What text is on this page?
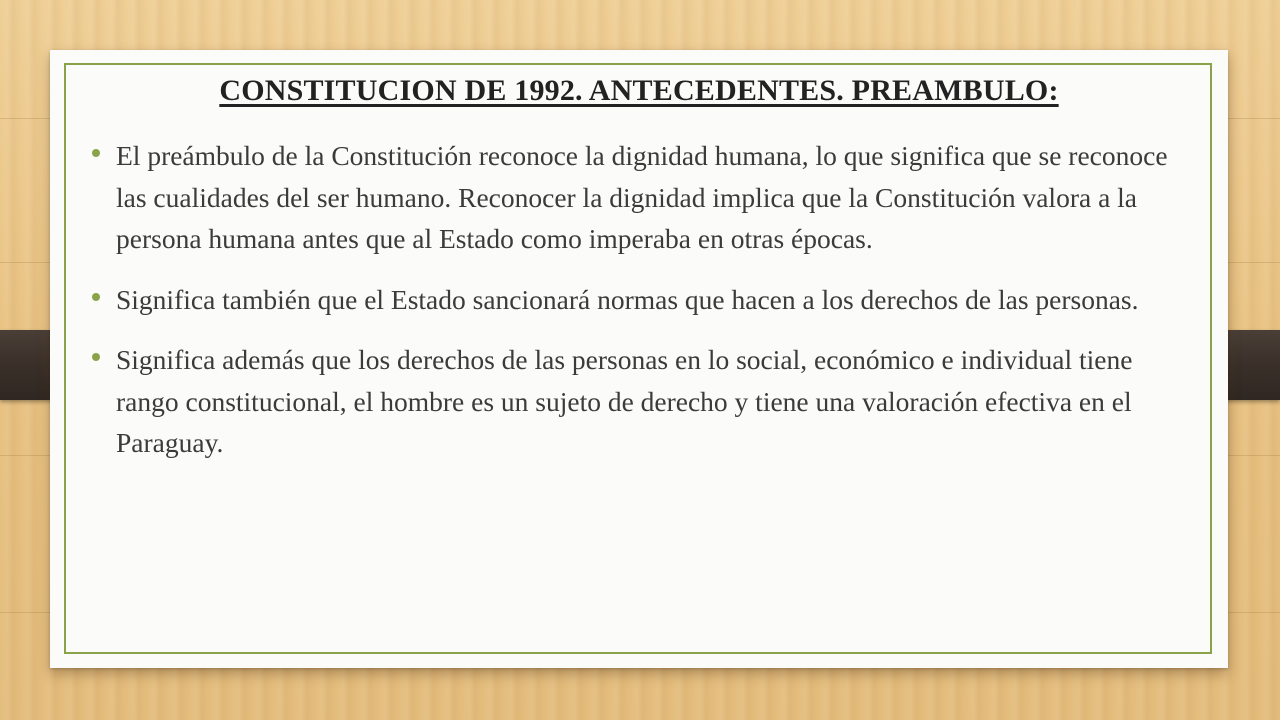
CONSTITUCION DE 1992. ANTECEDENTES. PREAMBULO:
El preámbulo de la Constitución reconoce la dignidad humana, lo que significa que se reconoce las cualidades del ser humano. Reconocer la dignidad implica que la Constitución valora a la persona humana antes que al Estado como imperaba en otras épocas.
Significa también que el Estado sancionará normas que hacen a los derechos de las personas.
Significa además que los derechos de las personas en lo social, económico e individual tiene rango constitucional, el hombre es un sujeto de derecho y tiene una valoración efectiva en el Paraguay.
